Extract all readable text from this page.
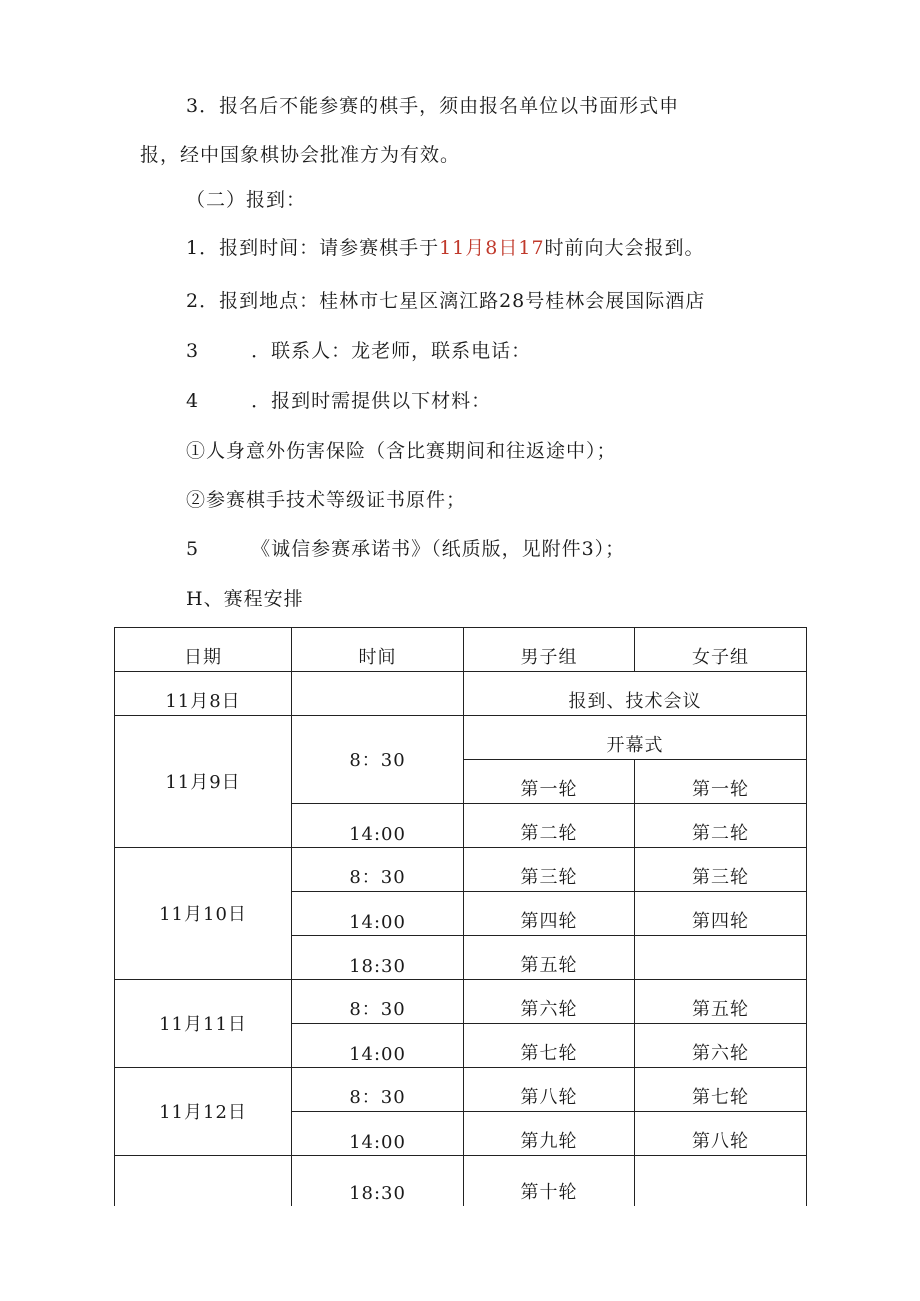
3．报名后不能参赛的棋手，须由报名单位以书面形式申
报，经中国象棋协会批准方为有效。
（二）报到：
1．报到时间：请参赛棋手于11月8日17时前向大会报到。
2．报到地点：桂林市七星区漓江路28号桂林会展国际酒店
3	．联系人：龙老师，联系电话：
4	．报到时需提供以下材料：
①人身意外伤害保险（含比赛期间和往返途中）；
②参赛棋手技术等级证书原件；
5	《诚信参赛承诺书》（纸质版，见附件3）；
H、赛程安排
日期	时间	男子组	女子组
11月8日		报到、技术会议	
11月9日	8：30	开幕式	
		第一轮	第一轮
	14:00	第二轮	第二轮
11月10日	8：30	第三轮	第三轮
	14:00	第四轮	第四轮
	18:30	第五轮	
11月11日	8：30	第六轮	第五轮
	14:00	第七轮	第六轮
11月12日	8：30	第八轮	第七轮
	14:00	第九轮	第八轮
	18:30	第十轮	
